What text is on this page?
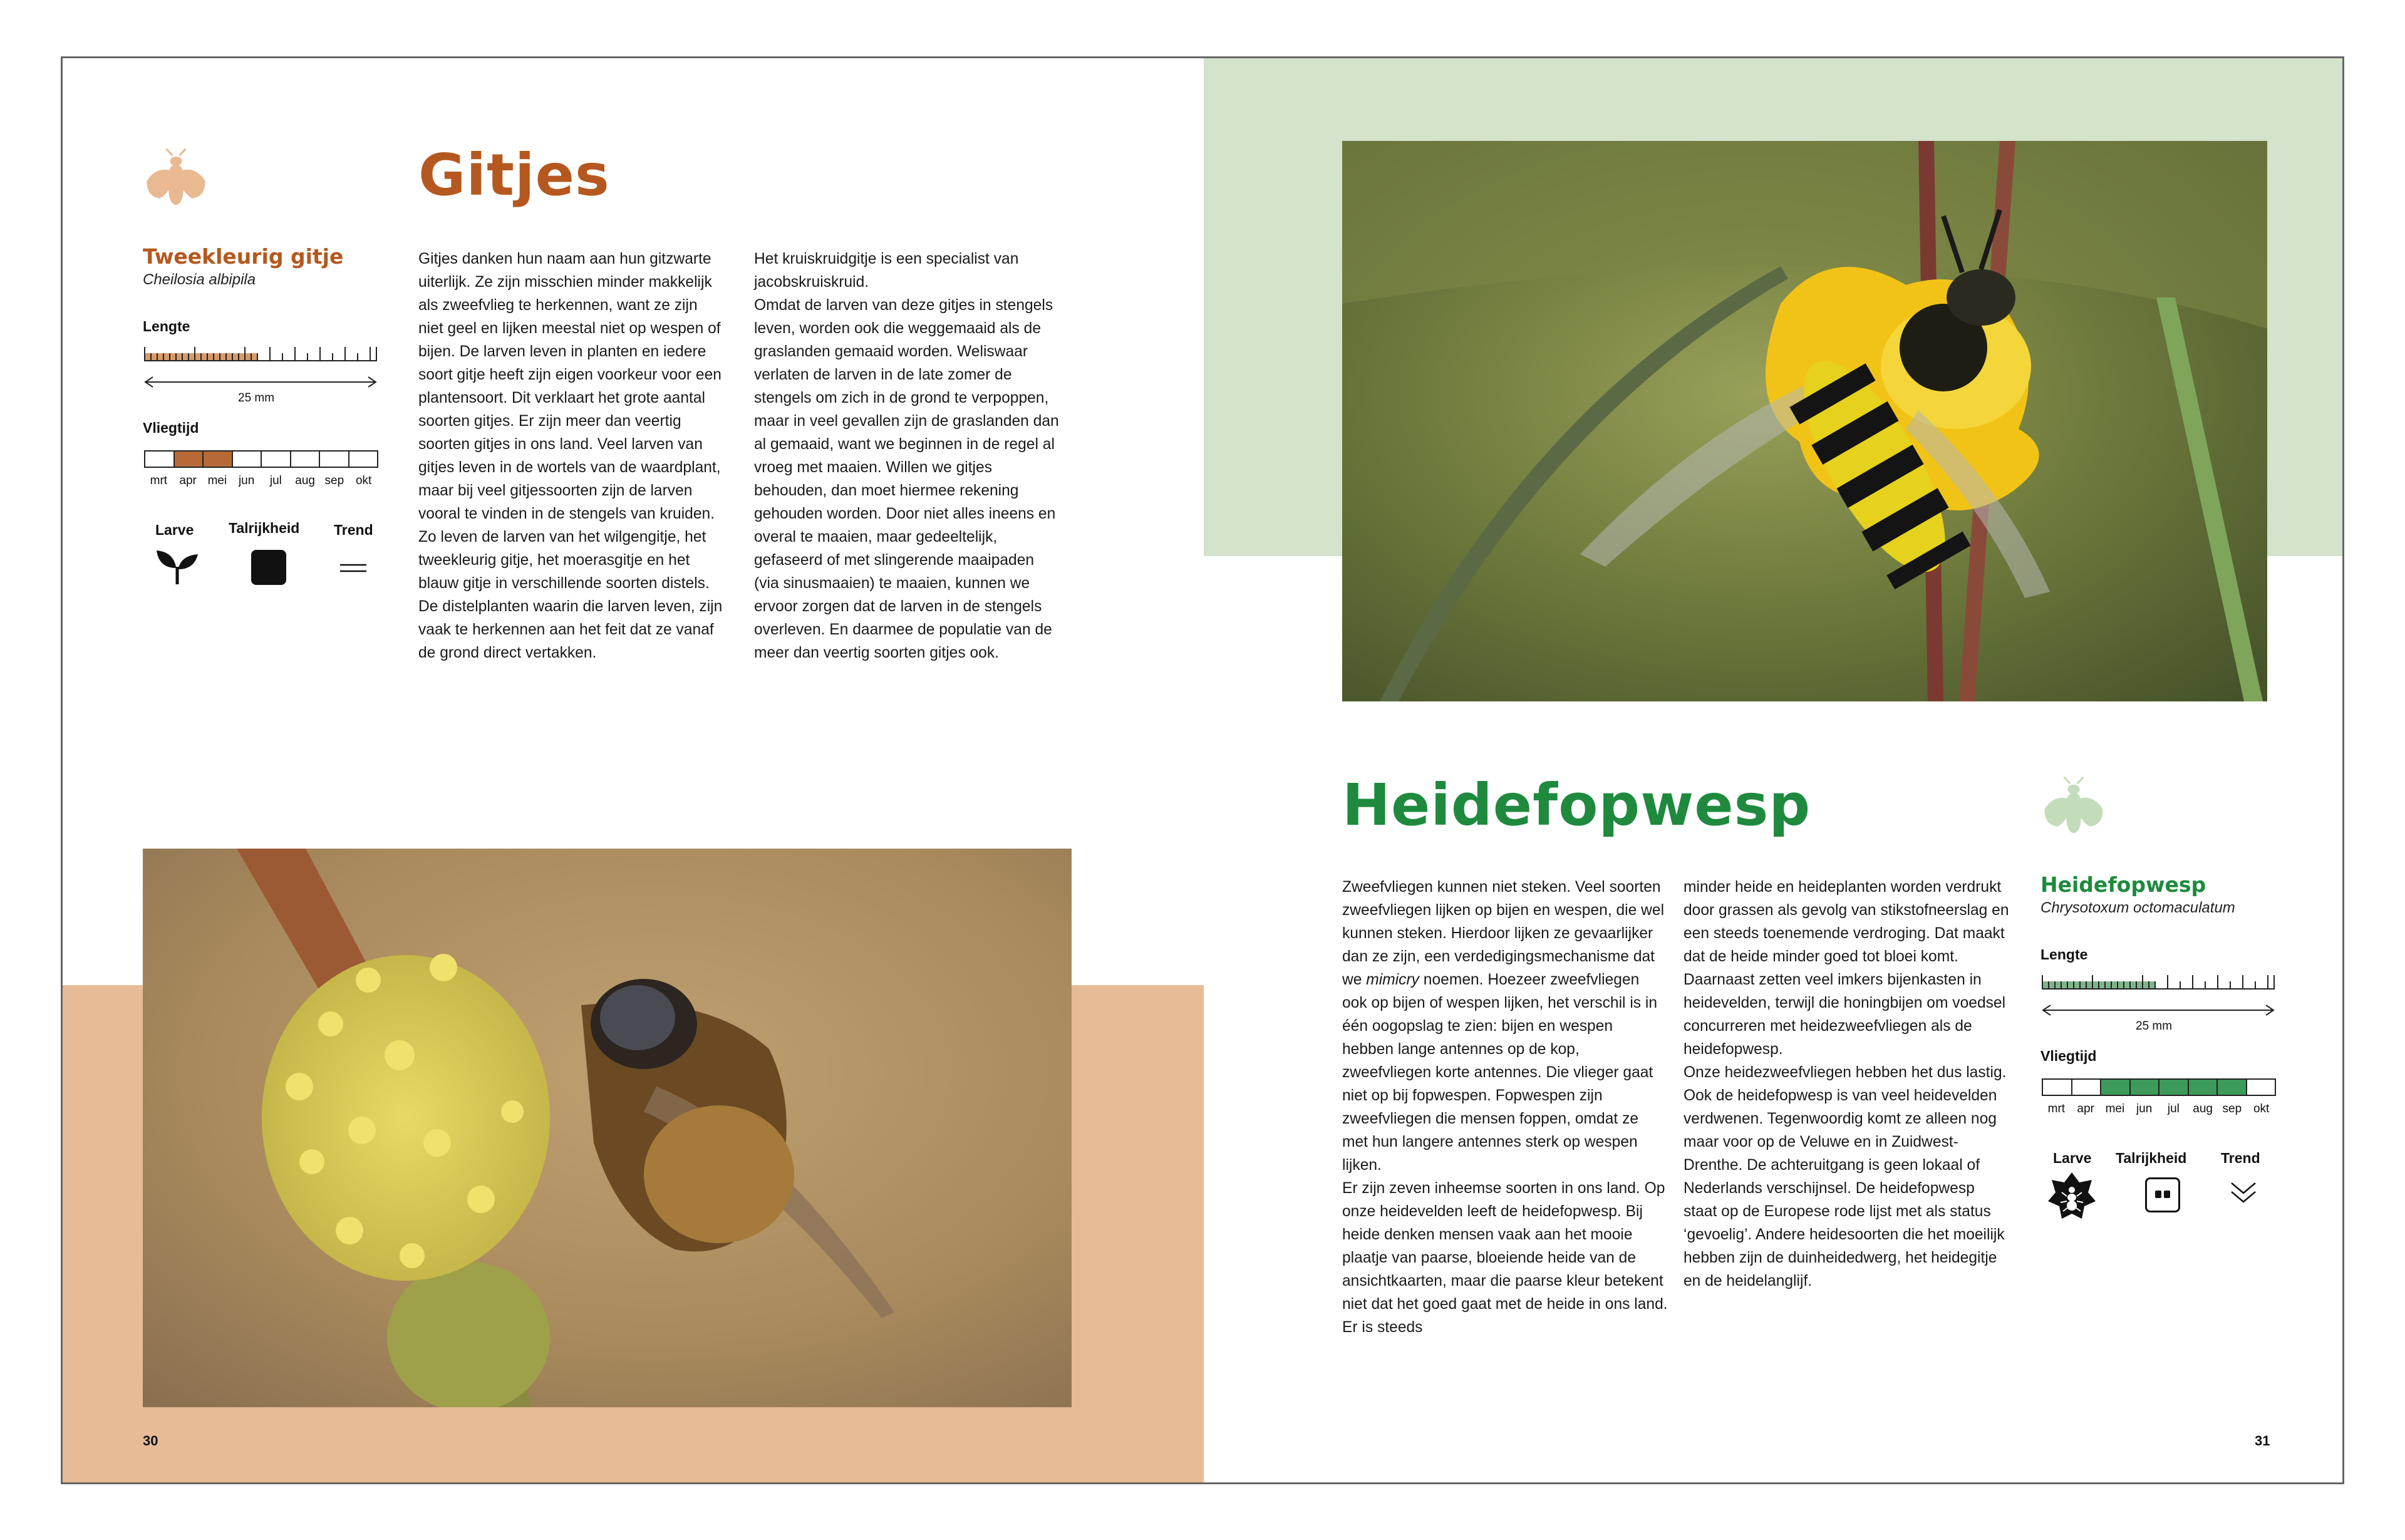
Gitjes
Tweekleurig gitje
Cheilosia albipila
Lengte
25 mm
Vliegtijd
mrt	apr mei jun	jul	aug sep okt
Larve Talrijkheid Trend

Gitjes danken hun naam aan hun gitzwarte uiterlijk. Ze zijn misschien minder makkelijk als zweefvlieg te herkennen, want ze zijn niet geel en lijken meestal niet op wespen of bijen. De larven leven in planten en iedere soort gitje heeft zijn eigen voorkeur voor een plantensoort. Dit verklaart het grote aantal soorten gitjes. Er zijn meer dan veertig soorten gitjes in ons land. Veel larven van gitjes leven in de wortels van de waardplant, maar bij veel gitjessoorten zijn de larven vooral te vinden in de stengels van kruiden. Zo leven de larven van het wilgengitje, het tweekleurig gitje, het moerasgitje en het blauw gitje in verschillende soorten distels. De distelplanten waarin die larven leven, zijn vaak te herkennen aan het feit dat ze vanaf de grond direct vertakken.

Het kruiskruidgitje is een specialist van jacobskruiskruid.

Omdat de larven van deze gitjes in stengels leven, worden ook die weggemaaid als de graslanden gemaaid worden. Weliswaar verlaten de larven in de late zomer de stengels om zich in de grond te verpoppen, maar in veel gevallen zijn de graslanden dan al gemaaid, want we beginnen in de regel al vroeg met maaien. Willen we gitjes behouden, dan moet hiermee rekening gehouden worden. Door niet alles ineens en overal te maaien, maar gedeeltelijk, gefaseerd of met slingerende maaipaden (via sinusmaaien) te maaien, kunnen we ervoor zorgen dat de larven in de stengels overleven. En daarmee de populatie van de meer dan veertig soorten gitjes ook.

30
Heidefopwesp

Zweefvliegen kunnen niet steken. Veel soorten zweefvliegen lijken op bijen en wespen, die wel kunnen steken. Hierdoor lijken ze gevaarlijker dan ze zijn, een verdedigingsmechanisme dat we mimicry noemen. Hoezeer zweefvliegen ook op bijen of wespen lijken, het verschil is in één oogopslag te zien: bijen en wespen hebben lange antennes op de kop, zweefvliegen korte antennes. Die vlieger gaat niet op bij fopwespen. Fopwespen zijn zweefvliegen die mensen foppen, omdat ze met hun langere antennes sterk op wespen lijken.

Er zijn zeven inheemse soorten in ons land. Op onze heidevelden leeft de heidefopwesp. Bij heide denken mensen vaak aan het mooie plaatje van paarse, bloeiende heide van de ansichtkaarten, maar die paarse kleur betekent niet dat het goed gaat met de heide in ons land. Er is steeds

minder heide en heideplanten worden verdrukt door grassen als gevolg van stikstofneerslag en een steeds toenemende verdroging. Dat maakt dat de heide minder goed tot bloei komt. Daarnaast zetten veel imkers bijenkasten in heidevelden, terwijl die honingbijen om voedsel concurreren met heidezweefvliegen als de heidefopwesp.

Onze heidezweefvliegen hebben het dus lastig. Ook de heidefopwesp is van veel heidevelden verdwenen. Tegenwoordig komt ze alleen nog maar voor op de Veluwe en in Zuidwest-Drenthe. De achteruitgang is geen lokaal of Nederlands verschijnsel. De heidefopwesp staat op de Europese rode lijst met als status ‘gevoelig’. Andere heidesoorten die het moeilijk hebben zijn de duinheidedwerg, het heidegitje en de heidelanglijf.

Heidefopwesp
Chrysotoxum octomaculatum
Lengte
25 mm
Vliegtijd
mrt	apr mei jun	jul	aug sep okt
Larve Talrijkheid Trend
31
